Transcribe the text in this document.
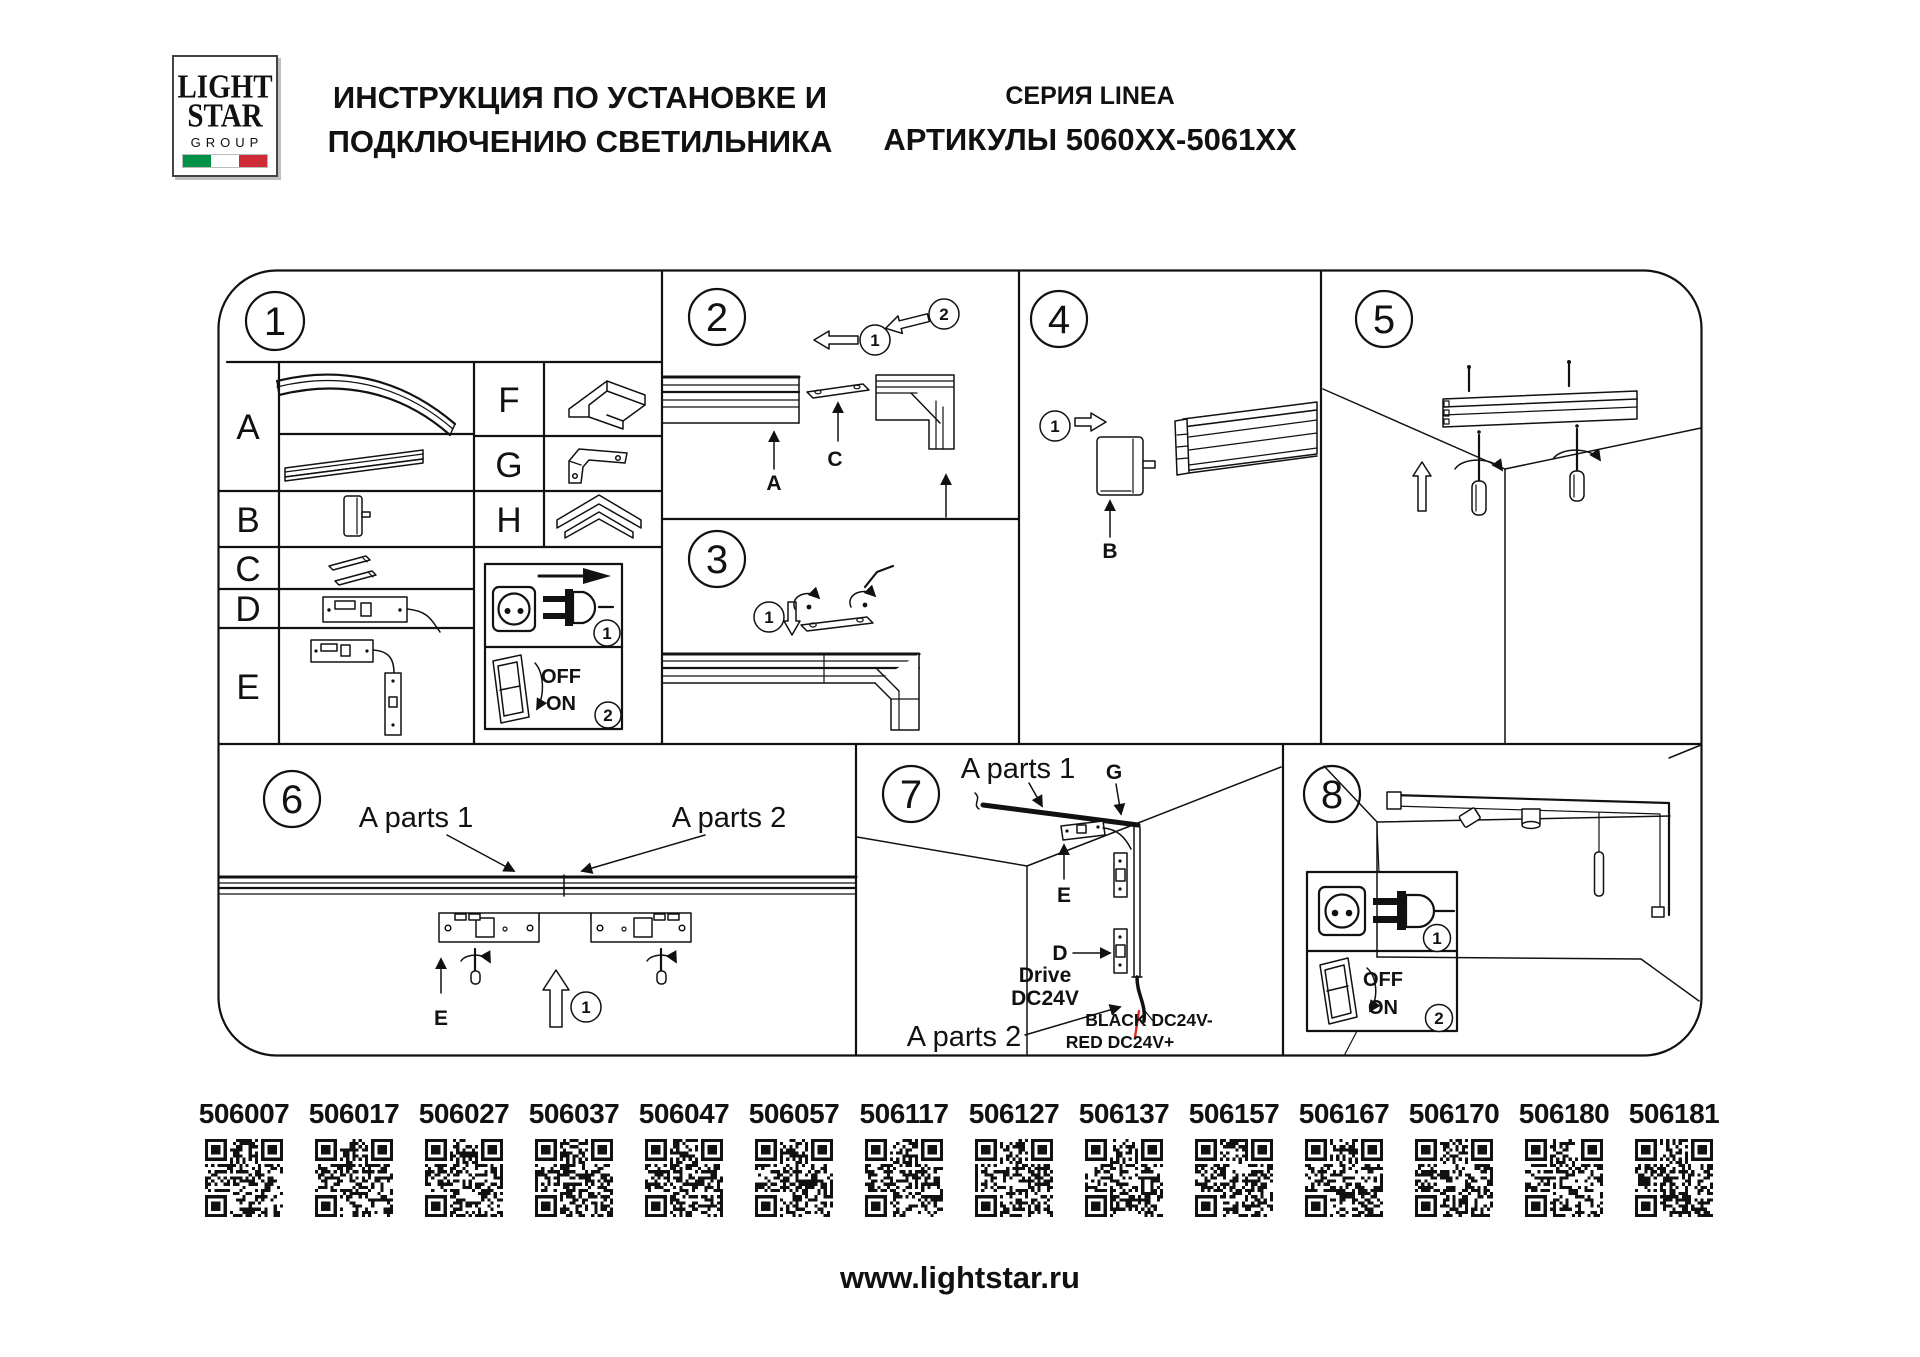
LIGHT
STAR
GROUP
ИНСТРУКЦИЯ ПО УСТАНОВКЕ И
ПОДКЛЮЧЕНИЮ СВЕТИЛЬНИКА
СЕРИЯ LINEA
АРТИКУЛЫ 5060XX-5061XX
1
A
B
C
D
E
F
G
H
1
OFF
ON
2
2
1
2
A
C
3
1
4
1
B
5
6 A parts 1	A parts 2
E	1
7
A parts 1 G
E
D
Drive
DC24V
A parts 2
BLACK DC24V-
RED DC24V+
8
1
OFF
ON 2
506007 506017 506027 506037 506047 506057 506117 506127 506137 506157 506167 506170 506180 506181
www.lightstar.ru
